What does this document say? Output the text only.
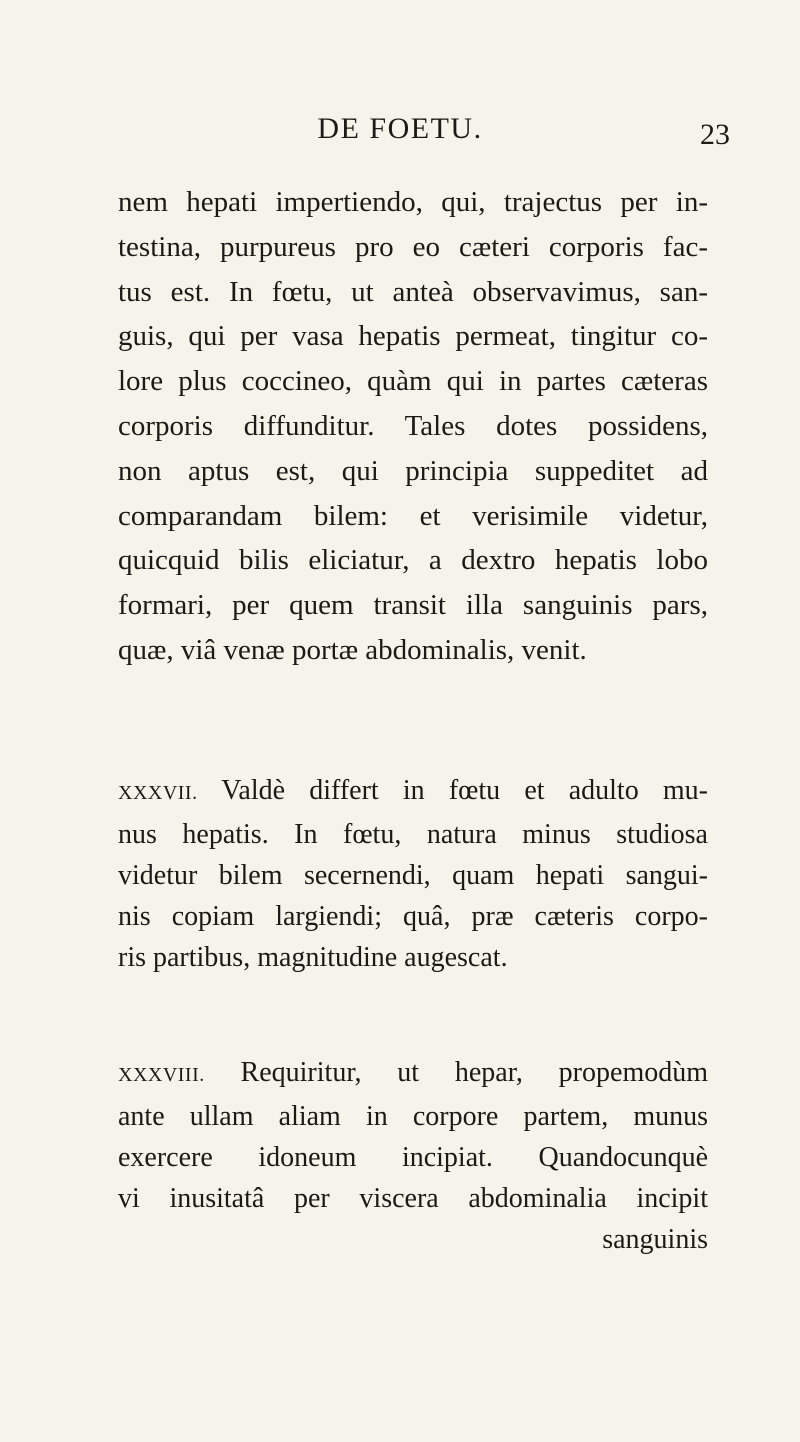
DE FOETU.	23
nem hepati impertiendo, qui, trajectus per in-
testina, purpureus pro eo cæteri corporis fac-
tus est. In fœtu, ut anteà observavimus, san-
guis, qui per vasa hepatis permeat, tingitur co-
lore plus coccineo, quàm qui in partes cæteras
corporis diffunditur. Tales dotes possidens,
non aptus est, qui principia suppeditet ad
comparandam bilem: et verisimile videtur,
quicquid bilis eliciatur, a dextro hepatis lobo
formari, per quem transit illa sanguinis pars,
quæ, viâ venæ portæ abdominalis, venit.
XXXVII. Valdè differt in fœtu et adulto mu-
nus hepatis. In fœtu, natura minus studiosa
videtur bilem secernendi, quam hepati sangui-
nis copiam largiendi; quâ, præ cæteris corpo-
ris partibus, magnitudine augescat.
XXXVIII. Requiritur, ut hepar, propemodùm
ante ullam aliam in corpore partem, munus
exercere idoneum incipiat. Quandocunquè
vi inusitatâ per viscera abdominalia incipit
sanguinis
